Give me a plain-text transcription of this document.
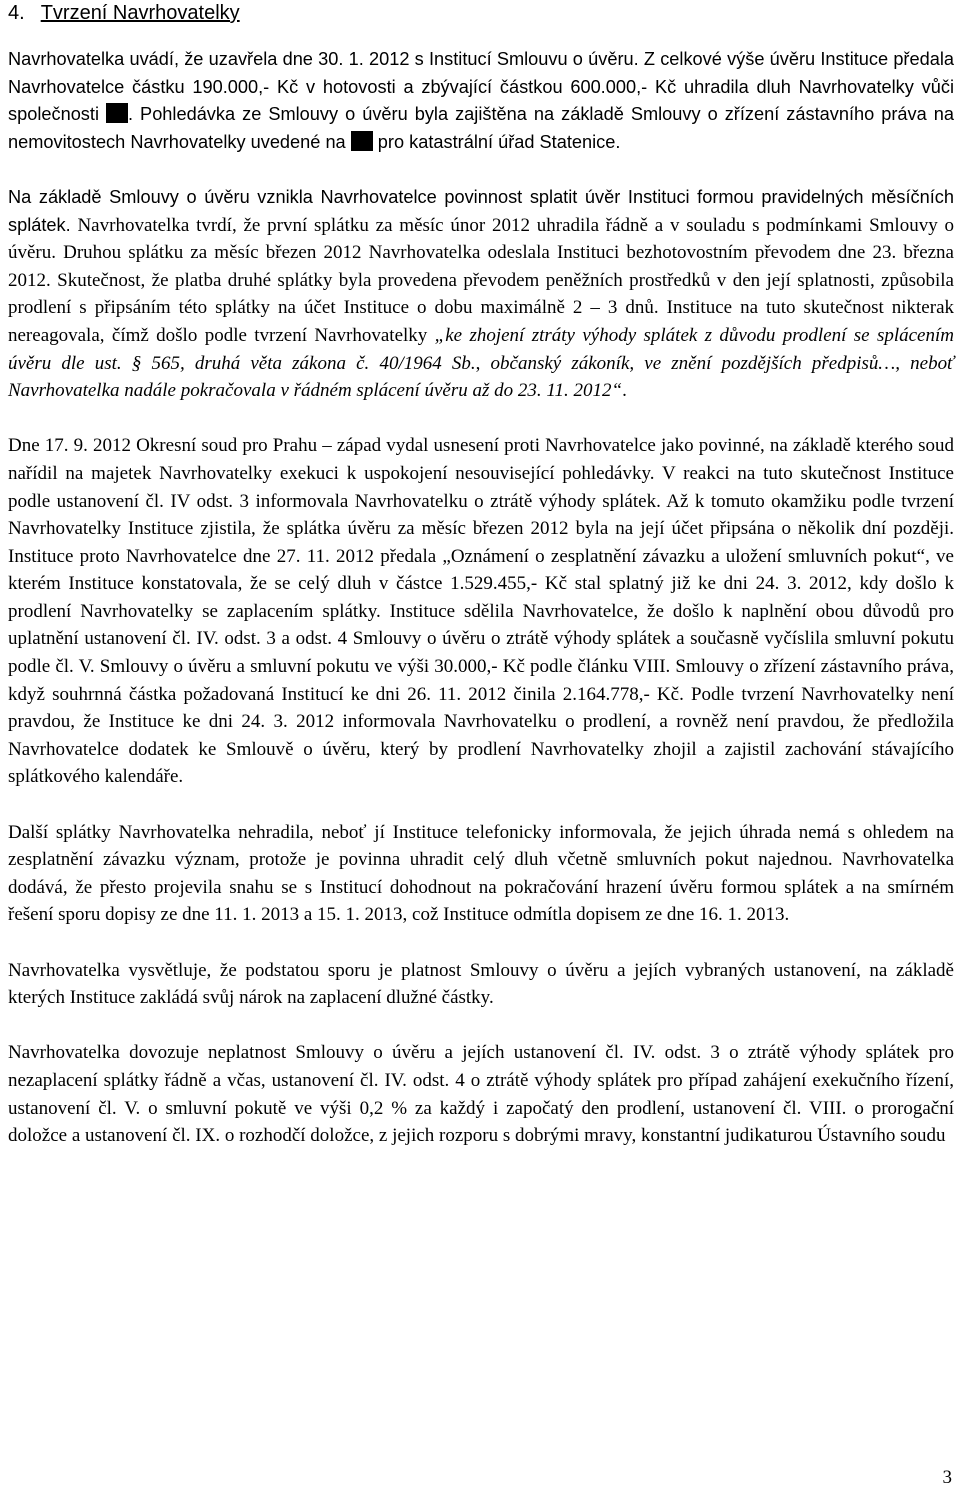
4. Tvrzení Navrhovatelky

Navrhovatelka uvádí, že uzavřela dne 30. 1. 2012 s Institucí Smlouvu o úvěru. Z celkové výše úvěru Instituce předala Navrhovatelce částku 190.000,- Kč v hotovosti a zbývající částkou 600.000,- Kč uhradila dluh Navrhovatelky vůči společnosti . Pohledávka ze Smlouvy o úvěru byla zajištěna na základě Smlouvy o zřízení zástavního práva na nemovitostech Navrhovatelky uvedené na  pro katastrální úřad Statenice.

Na základě Smlouvy o úvěru vznikla Navrhovatelce povinnost splatit úvěr Instituci formou pravidelných měsíčních splátek. Navrhovatelka tvrdí, že první splátku za měsíc únor 2012 uhradila řádně a v souladu s podmínkami Smlouvy o úvěru. Druhou splátku za měsíc březen 2012 Navrhovatelka odeslala Instituci bezhotovostním převodem dne 23. března 2012. Skutečnost, že platba druhé splátky byla provedena převodem peněžních prostředků v den její splatnosti, způsobila prodlení s připsáním této splátky na účet Instituce o dobu maximálně 2 – 3 dnů. Instituce na tuto skutečnost nikterak nereagovala, čímž došlo podle tvrzení Navrhovatelky „ke zhojení ztráty výhody splátek z důvodu prodlení se splácením úvěru dle ust. § 565, druhá věta zákona č. 40/1964 Sb., občanský zákoník, ve znění pozdějších předpisů…, neboť Navrhovatelka nadále pokračovala v řádném splácení úvěru až do 23. 11. 2012“.

Dne 17. 9. 2012 Okresní soud pro Prahu – západ vydal usnesení proti Navrhovatelce jako povinné, na základě kterého soud nařídil na majetek Navrhovatelky exekuci k uspokojení nesouvisející pohledávky. V reakci na tuto skutečnost Instituce podle ustanovení čl. IV odst. 3 informovala Navrhovatelku o ztrátě výhody splátek. Až k tomuto okamžiku podle tvrzení Navrhovatelky Instituce zjistila, že splátka úvěru za měsíc březen 2012 byla na její účet připsána o několik dní později. Instituce proto Navrhovatelce dne 27. 11. 2012 předala „Oznámení o zesplatnění závazku a uložení smluvních pokut“, ve kterém Instituce konstatovala, že se celý dluh v částce 1.529.455,- Kč stal splatný již ke dni 24. 3. 2012, kdy došlo k prodlení Navrhovatelky se zaplacením splátky. Instituce sdělila Navrhovatelce, že došlo k naplnění obou důvodů pro uplatnění ustanovení čl. IV. odst. 3 a odst. 4 Smlouvy o úvěru o ztrátě výhody splátek a současně vyčíslila smluvní pokutu podle čl. V. Smlouvy o úvěru a smluvní pokutu ve výši 30.000,- Kč podle článku VIII. Smlouvy o zřízení zástavního práva, když souhrnná částka požadovaná Institucí ke dni 26. 11. 2012 činila 2.164.778,- Kč. Podle tvrzení Navrhovatelky není pravdou, že Instituce ke dni 24. 3. 2012 informovala Navrhovatelku o prodlení, a rovněž není pravdou, že předložila Navrhovatelce dodatek ke Smlouvě o úvěru, který by prodlení Navrhovatelky zhojil a zajistil zachování stávajícího splátkového kalendáře.

Další splátky Navrhovatelka nehradila, neboť jí Instituce telefonicky informovala, že jejich úhrada nemá s ohledem na zesplatnění závazku význam, protože je povinna uhradit celý dluh včetně smluvních pokut najednou. Navrhovatelka dodává, že přesto projevila snahu se s Institucí dohodnout na pokračování hrazení úvěru formou splátek a na smírném řešení sporu dopisy ze dne 11. 1. 2013 a 15. 1. 2013, což Instituce odmítla dopisem ze dne 16. 1. 2013.

Navrhovatelka vysvětluje, že podstatou sporu je platnost Smlouvy o úvěru a jejích vybraných ustanovení, na základě kterých Instituce zakládá svůj nárok na zaplacení dlužné částky.

Navrhovatelka dovozuje neplatnost Smlouvy o úvěru a jejích ustanovení čl. IV. odst. 3 o ztrátě výhody splátek pro nezaplacení splátky řádně a včas, ustanovení čl. IV. odst. 4 o ztrátě výhody splátek pro případ zahájení exekučního řízení, ustanovení čl. V. o smluvní pokutě ve výši 0,2 % za každý i započatý den prodlení, ustanovení čl. VIII. o prorogační doložce a ustanovení čl. IX. o rozhodčí doložce, z jejich rozporu s dobrými mravy, konstantní judikaturou Ústavního soudu

3
